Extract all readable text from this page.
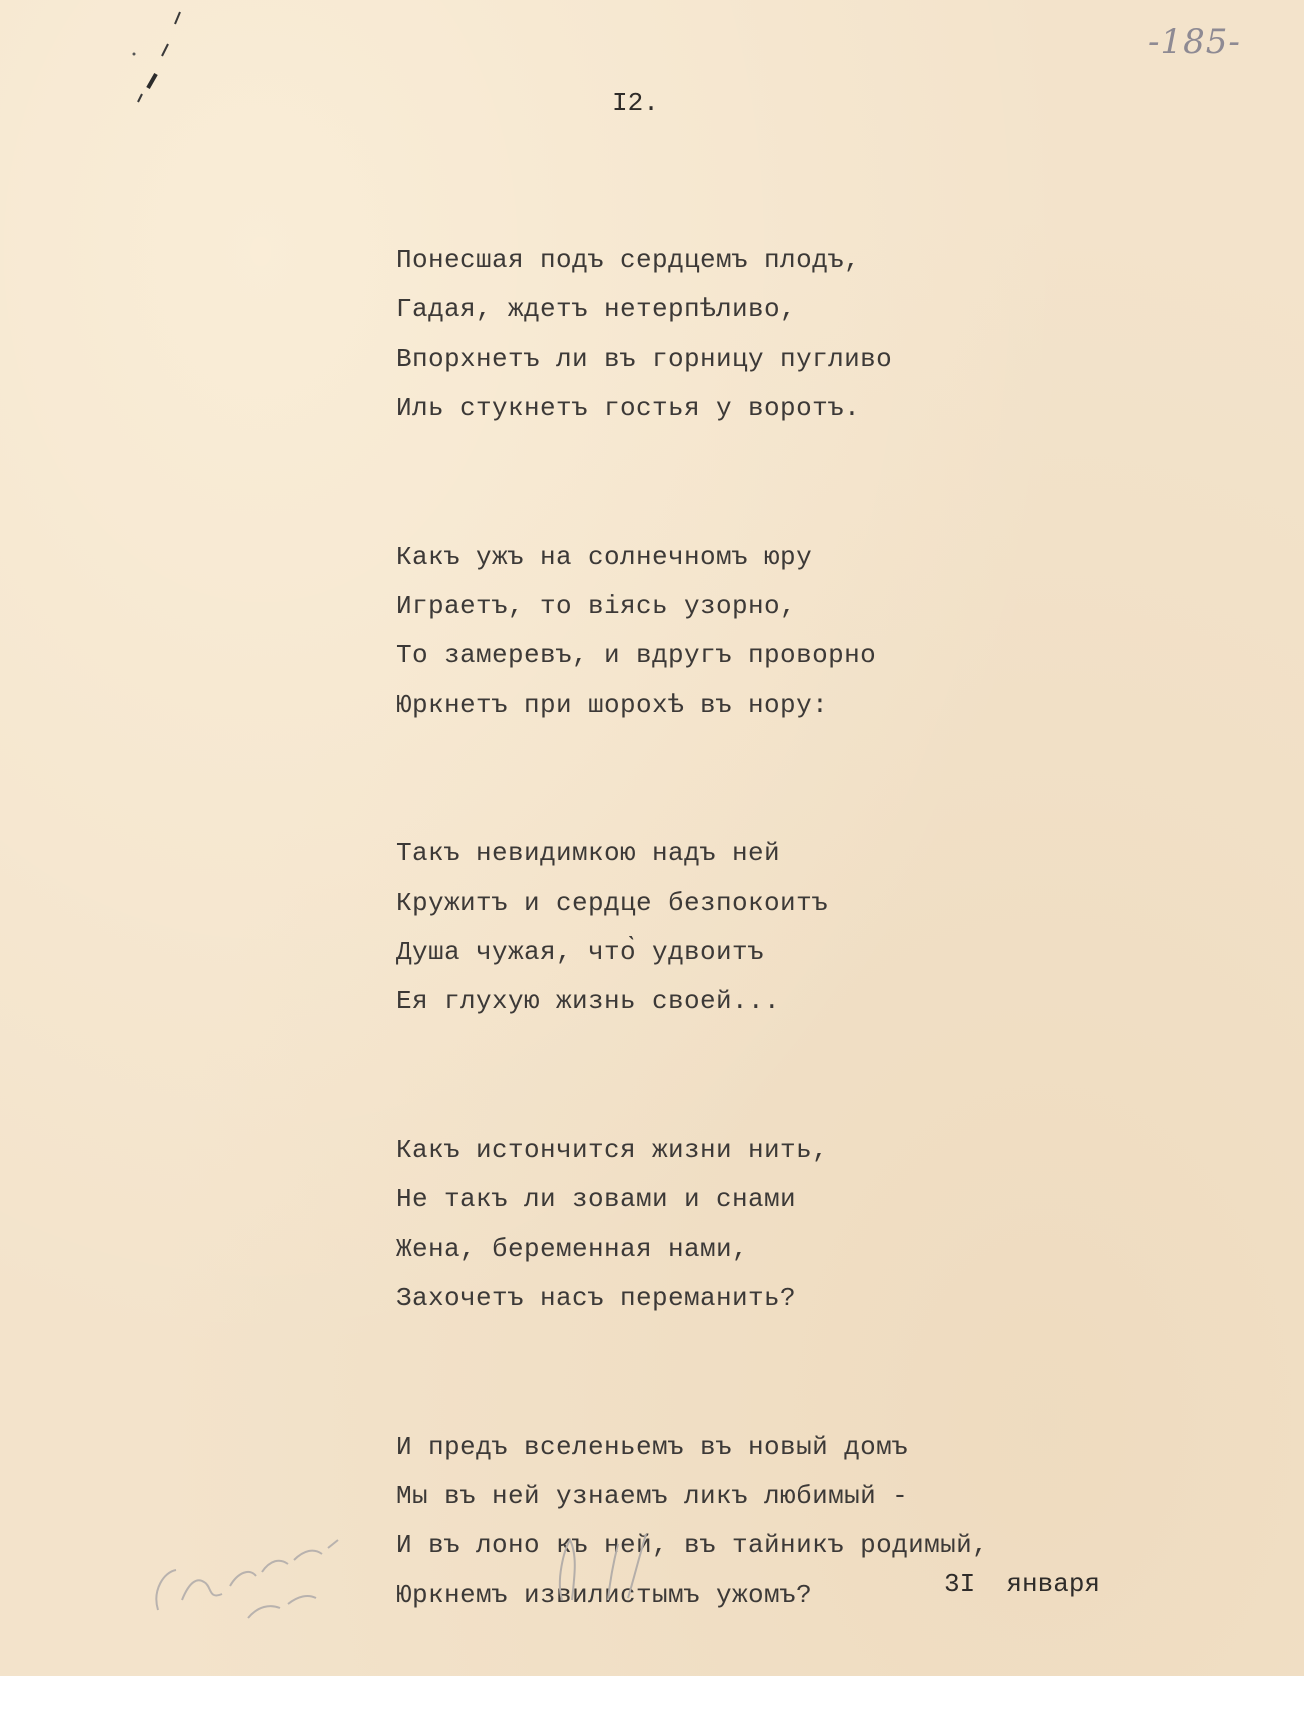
-185-
I2.
Понесшая подъ сердцемъ плодъ,
Гадая, ждетъ нетерпѣливо,
Впорхнетъ ли въ горницу пугливо
Иль стукнетъ гостья у воротъ.
Какъ ужъ на солнечномъ юру
Играетъ, то віясь узорно,
То замеревъ, и вдругъ проворно
Юркнетъ при шорохѣ въ нору:
Такъ невидимкою надъ ней
Кружитъ и сердце безпокоитъ
Душа чужая, что̀ удвоитъ
Ея глухую жизнь своей...
Какъ истончится жизни нить,
Не такъ ли зовами и снами
Жена, беременная нами,
Захочетъ насъ переманить?
И предъ вселеньемъ въ новый домъ
Мы въ ней узнаемъ ликъ любимый -
И въ лоно къ ней, въ тайникъ родимый,
Юркнемъ извилистымъ ужомъ?	3I  января
